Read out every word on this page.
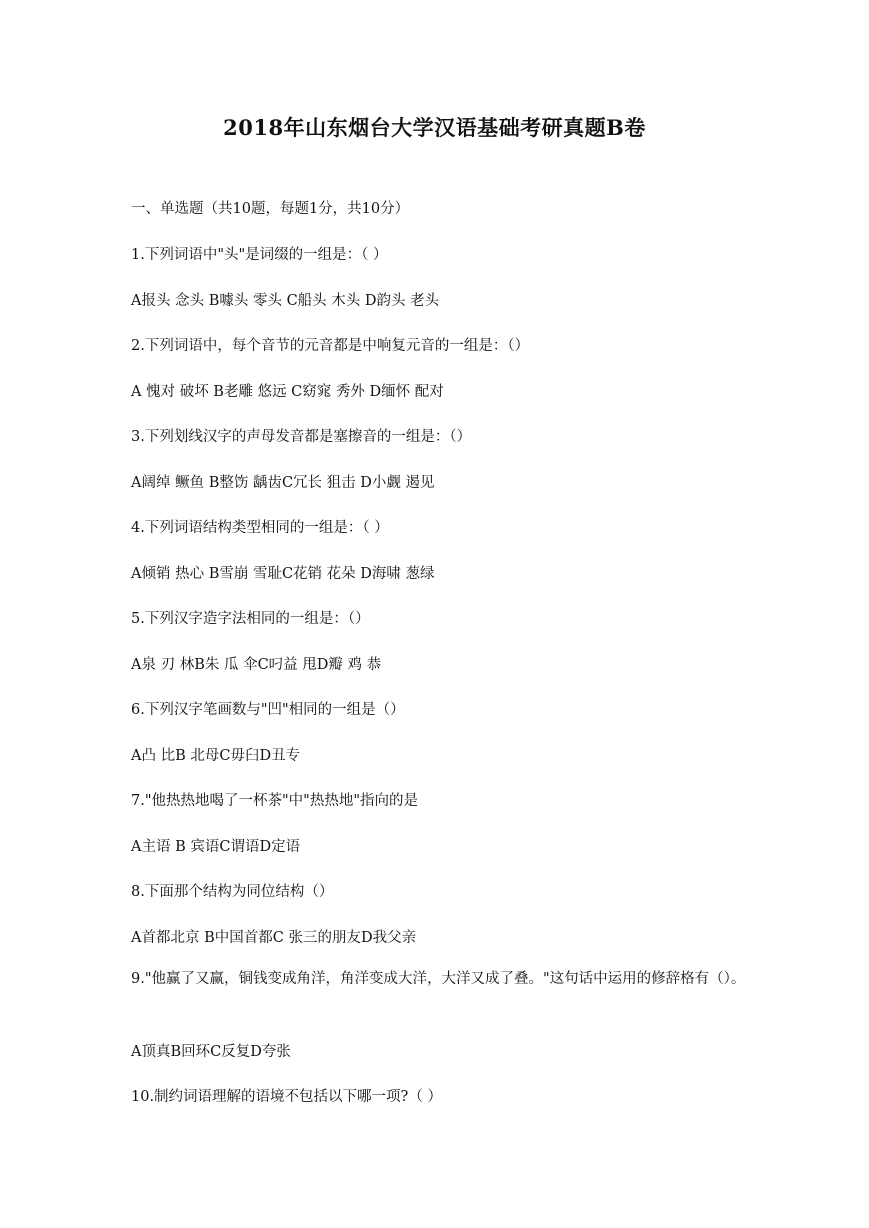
2018年山东烟台大学汉语基础考研真题B卷
一、单选题（共10题，每题1分，共10分）
1.下列词语中"头"是词缀的一组是：（ ）
A报头 念头 B噱头 零头 C船头 木头 D韵头 老头
2.下列词语中，每个音节的元音都是中响复元音的一组是：（）
A 愧对 破坏 B老雕 悠远 C窈窕 秀外 D缅怀 配对
3.下列划线汉字的声母发音都是塞擦音的一组是：（）
A阔绰 鳜鱼 B整饬 龋齿C冗长 狙击 D小觑 遏见
4.下列词语结构类型相同的一组是：（ ）
A倾销 热心 B雪崩 雪耻C花销 花朵 D海啸 葱绿
5.下列汉字造字法相同的一组是：（）
A泉 刃 林B朱 瓜 伞C叼益 甩D瓣 鸡 恭
6.下列汉字笔画数与"凹"相同的一组是（）
A凸 比B 北母C毋臼D丑专
7."他热热地喝了一杯茶"中"热热地"指向的是
A主语 B 宾语C谓语D定语
8.下面那个结构为同位结构（）
A首都北京 B中国首都C 张三的朋友D我父亲
9."他赢了又赢，铜钱变成角洋，角洋变成大洋，大洋又成了叠。"这句话中运用的修辞格有（）。
A顶真B回环C反复D夸张
10.制约词语理解的语境不包括以下哪一项?（ ）
